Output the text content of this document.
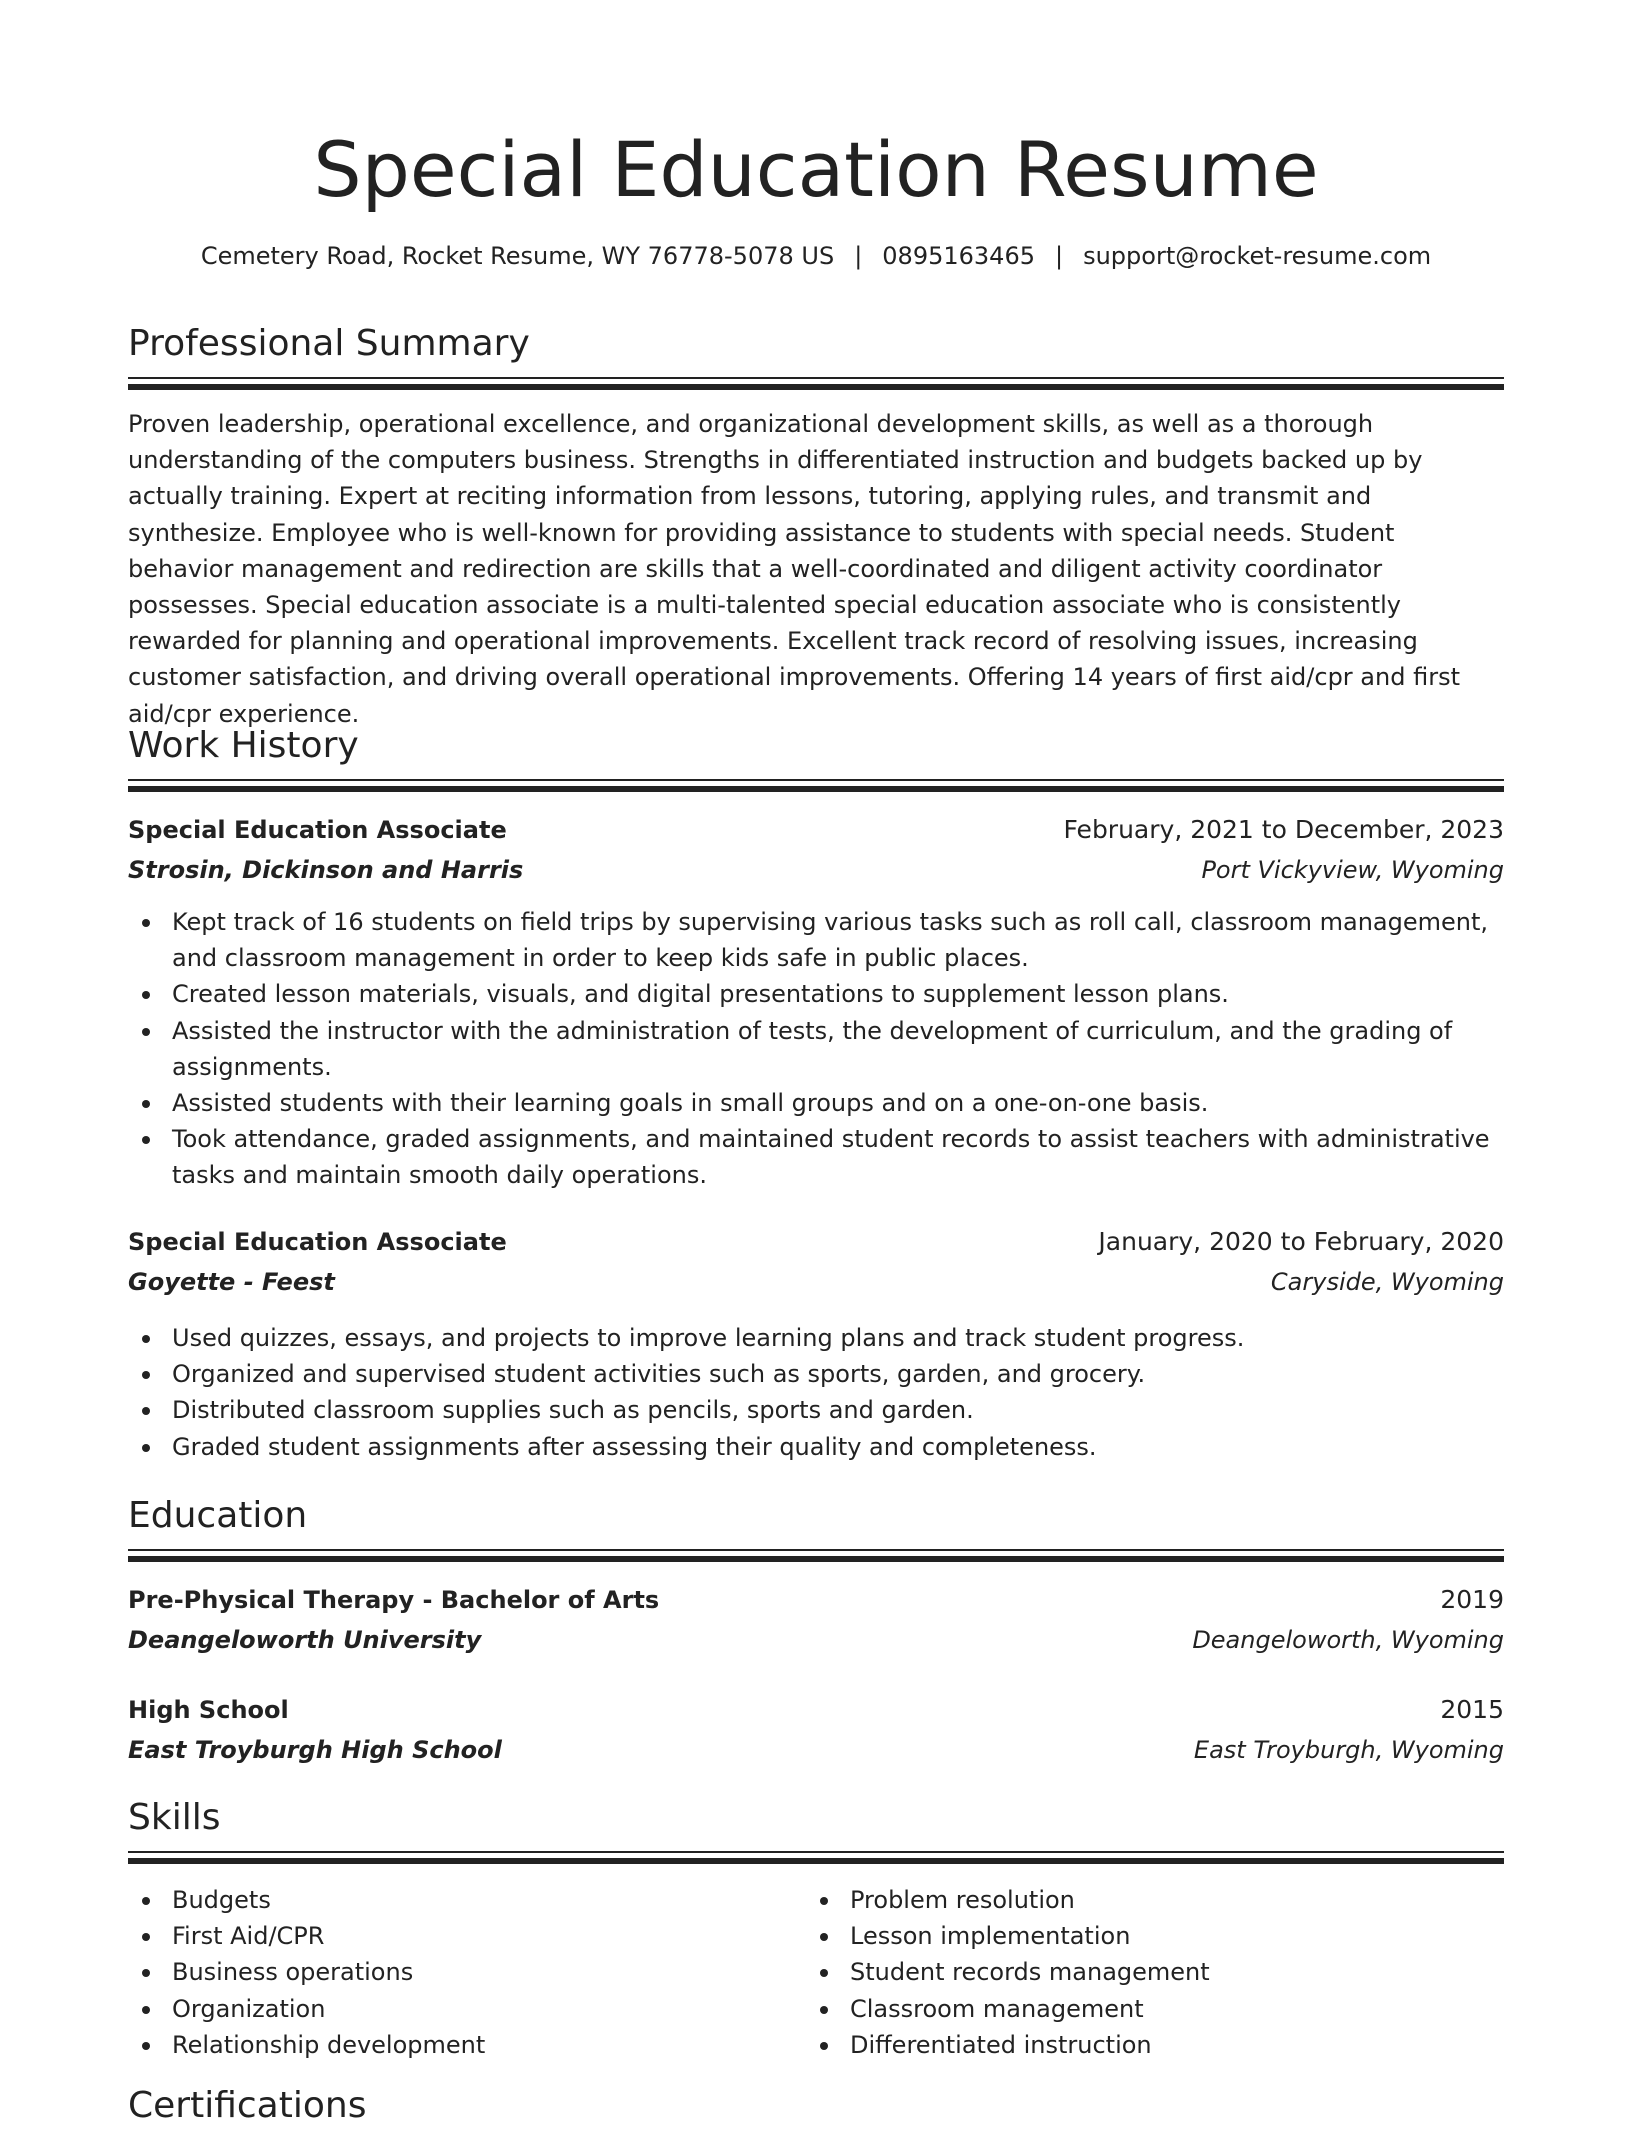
Special Education Resume
Cemetery Road, Rocket Resume, WY 76778-5078 US | 0895163465 | support@rocket-resume.com
Professional Summary

Proven leadership, operational excellence, and organizational development skills, as well as a thorough understanding of the computers business. Strengths in differentiated instruction and budgets backed up by actually training. Expert at reciting information from lessons, tutoring, applying rules, and transmit and synthesize. Employee who is well-known for providing assistance to students with special needs. Student behavior management and redirection are skills that a well-coordinated and diligent activity coordinator possesses. Special education associate is a multi-talented special education associate who is consistently rewarded for planning and operational improvements. Excellent track record of resolving issues, increasing customer satisfaction, and driving overall operational improvements. Offering 14 years of first aid/cpr and first aid/cpr experience.

Work History
Special Education Associate	February, 2021 to December, 2023
Strosin, Dickinson and Harris	Port Vickyview, Wyoming
Kept track of 16 students on field trips by supervising various tasks such as roll call, classroom management, and classroom management in order to keep kids safe in public places.
Created lesson materials, visuals, and digital presentations to supplement lesson plans.
Assisted the instructor with the administration of tests, the development of curriculum, and the grading of assignments.
Assisted students with their learning goals in small groups and on a one-on-one basis.
Took attendance, graded assignments, and maintained student records to assist teachers with administrative tasks and maintain smooth daily operations.
Special Education Associate	January, 2020 to February, 2020
Goyette - Feest	Caryside, Wyoming
Used quizzes, essays, and projects to improve learning plans and track student progress.
Organized and supervised student activities such as sports, garden, and grocery.
Distributed classroom supplies such as pencils, sports and garden.
Graded student assignments after assessing their quality and completeness.
Education
Pre-Physical Therapy - Bachelor of Arts	2019
Deangeloworth University	Deangeloworth, Wyoming
High School	2015
East Troyburgh High School	East Troyburgh, Wyoming
Skills
Budgets
First Aid/CPR
Business operations
Organization
Relationship development
Problem resolution
Lesson implementation
Student records management
Classroom management
Differentiated instruction
Certifications
